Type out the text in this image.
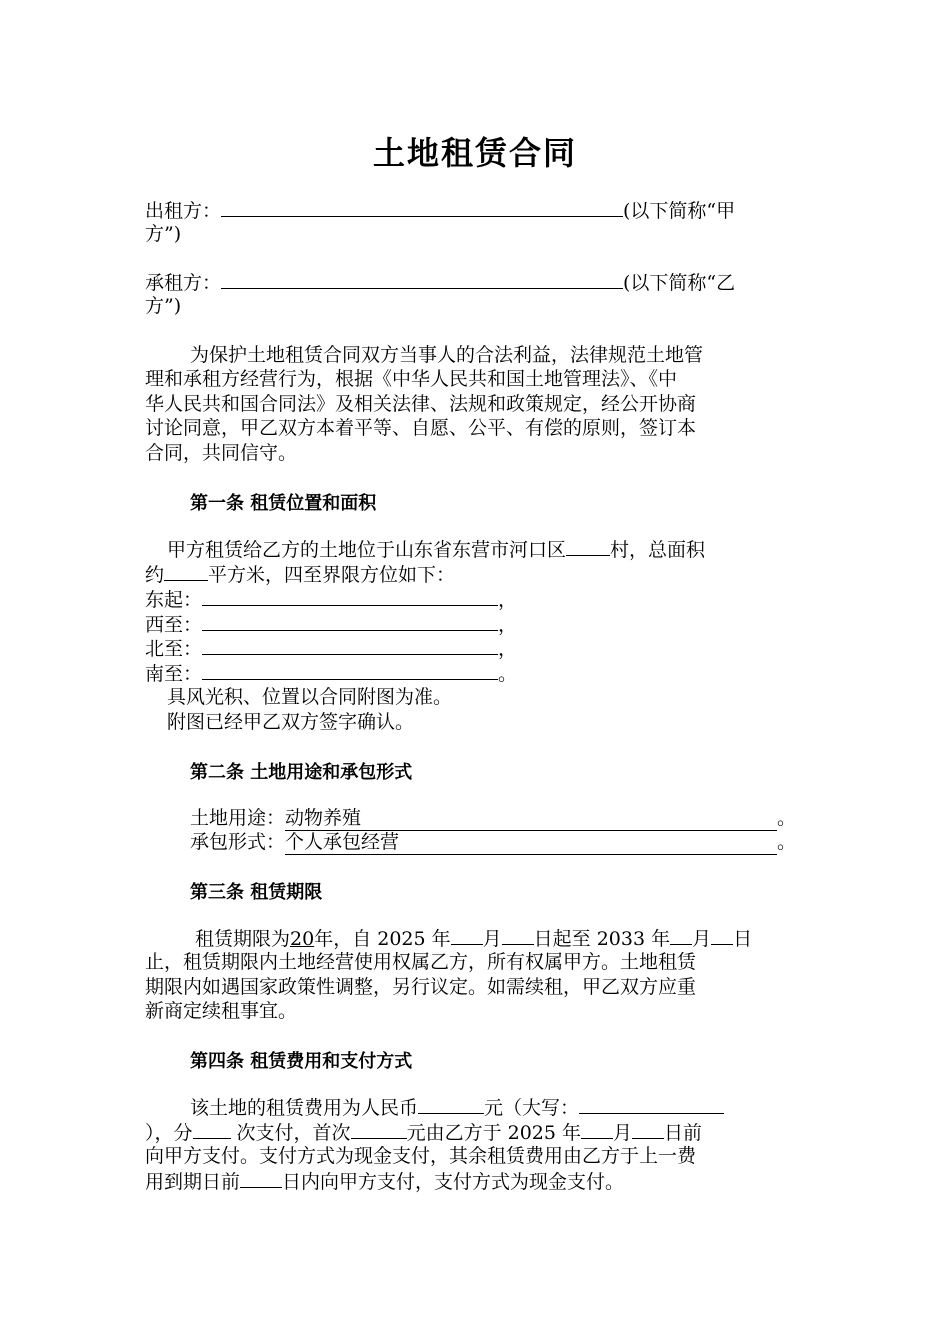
土地租赁合同
出租方：	(以下简称“甲
方”)
承租方：	(以下简称“乙
方”)
为保护土地租赁合同双方当事人的合法利益，法律规范土地管
理和承租方经营行为，根据《中华人民共和国土地管理法》、《中
华人民共和国合同法》及相关法律、法规和政策规定，经公开协商
讨论同意，甲乙双方本着平等、自愿、公平、有偿的原则，签订本
合同，共同信守。
第一条 租赁位置和面积
甲方租赁给乙方的土地位于山东省东营市河口区 村，总面积
约 平方米，四至界限方位如下：
东起：	，
西至：	，
北至：	，
南至：	。
具风光积、位置以合同附图为准。
附图已经甲乙双方签字确认。
第二条 土地用途和承包形式
土地用途：动物养殖	。
承包形式：个人承包经营	。
第三条 租赁期限
租赁期限为20年，自 2025 年 月 日起至 2033 年 月 日
止，租赁期限内土地经营使用权属乙方，所有权属甲方。土地租赁
期限内如遇国家政策性调整，另行议定。如需续租，甲乙双方应重
新商定续租事宜。
第四条 租赁费用和支付方式
该土地的租赁费用为人民币	元（大写：
），分 次支付，首次	元由乙方于 2025 年 月 日前
向甲方支付。支付方式为现金支付，其余租赁费用由乙方于上一费
用到期日前 日内向甲方支付，支付方式为现金支付。
